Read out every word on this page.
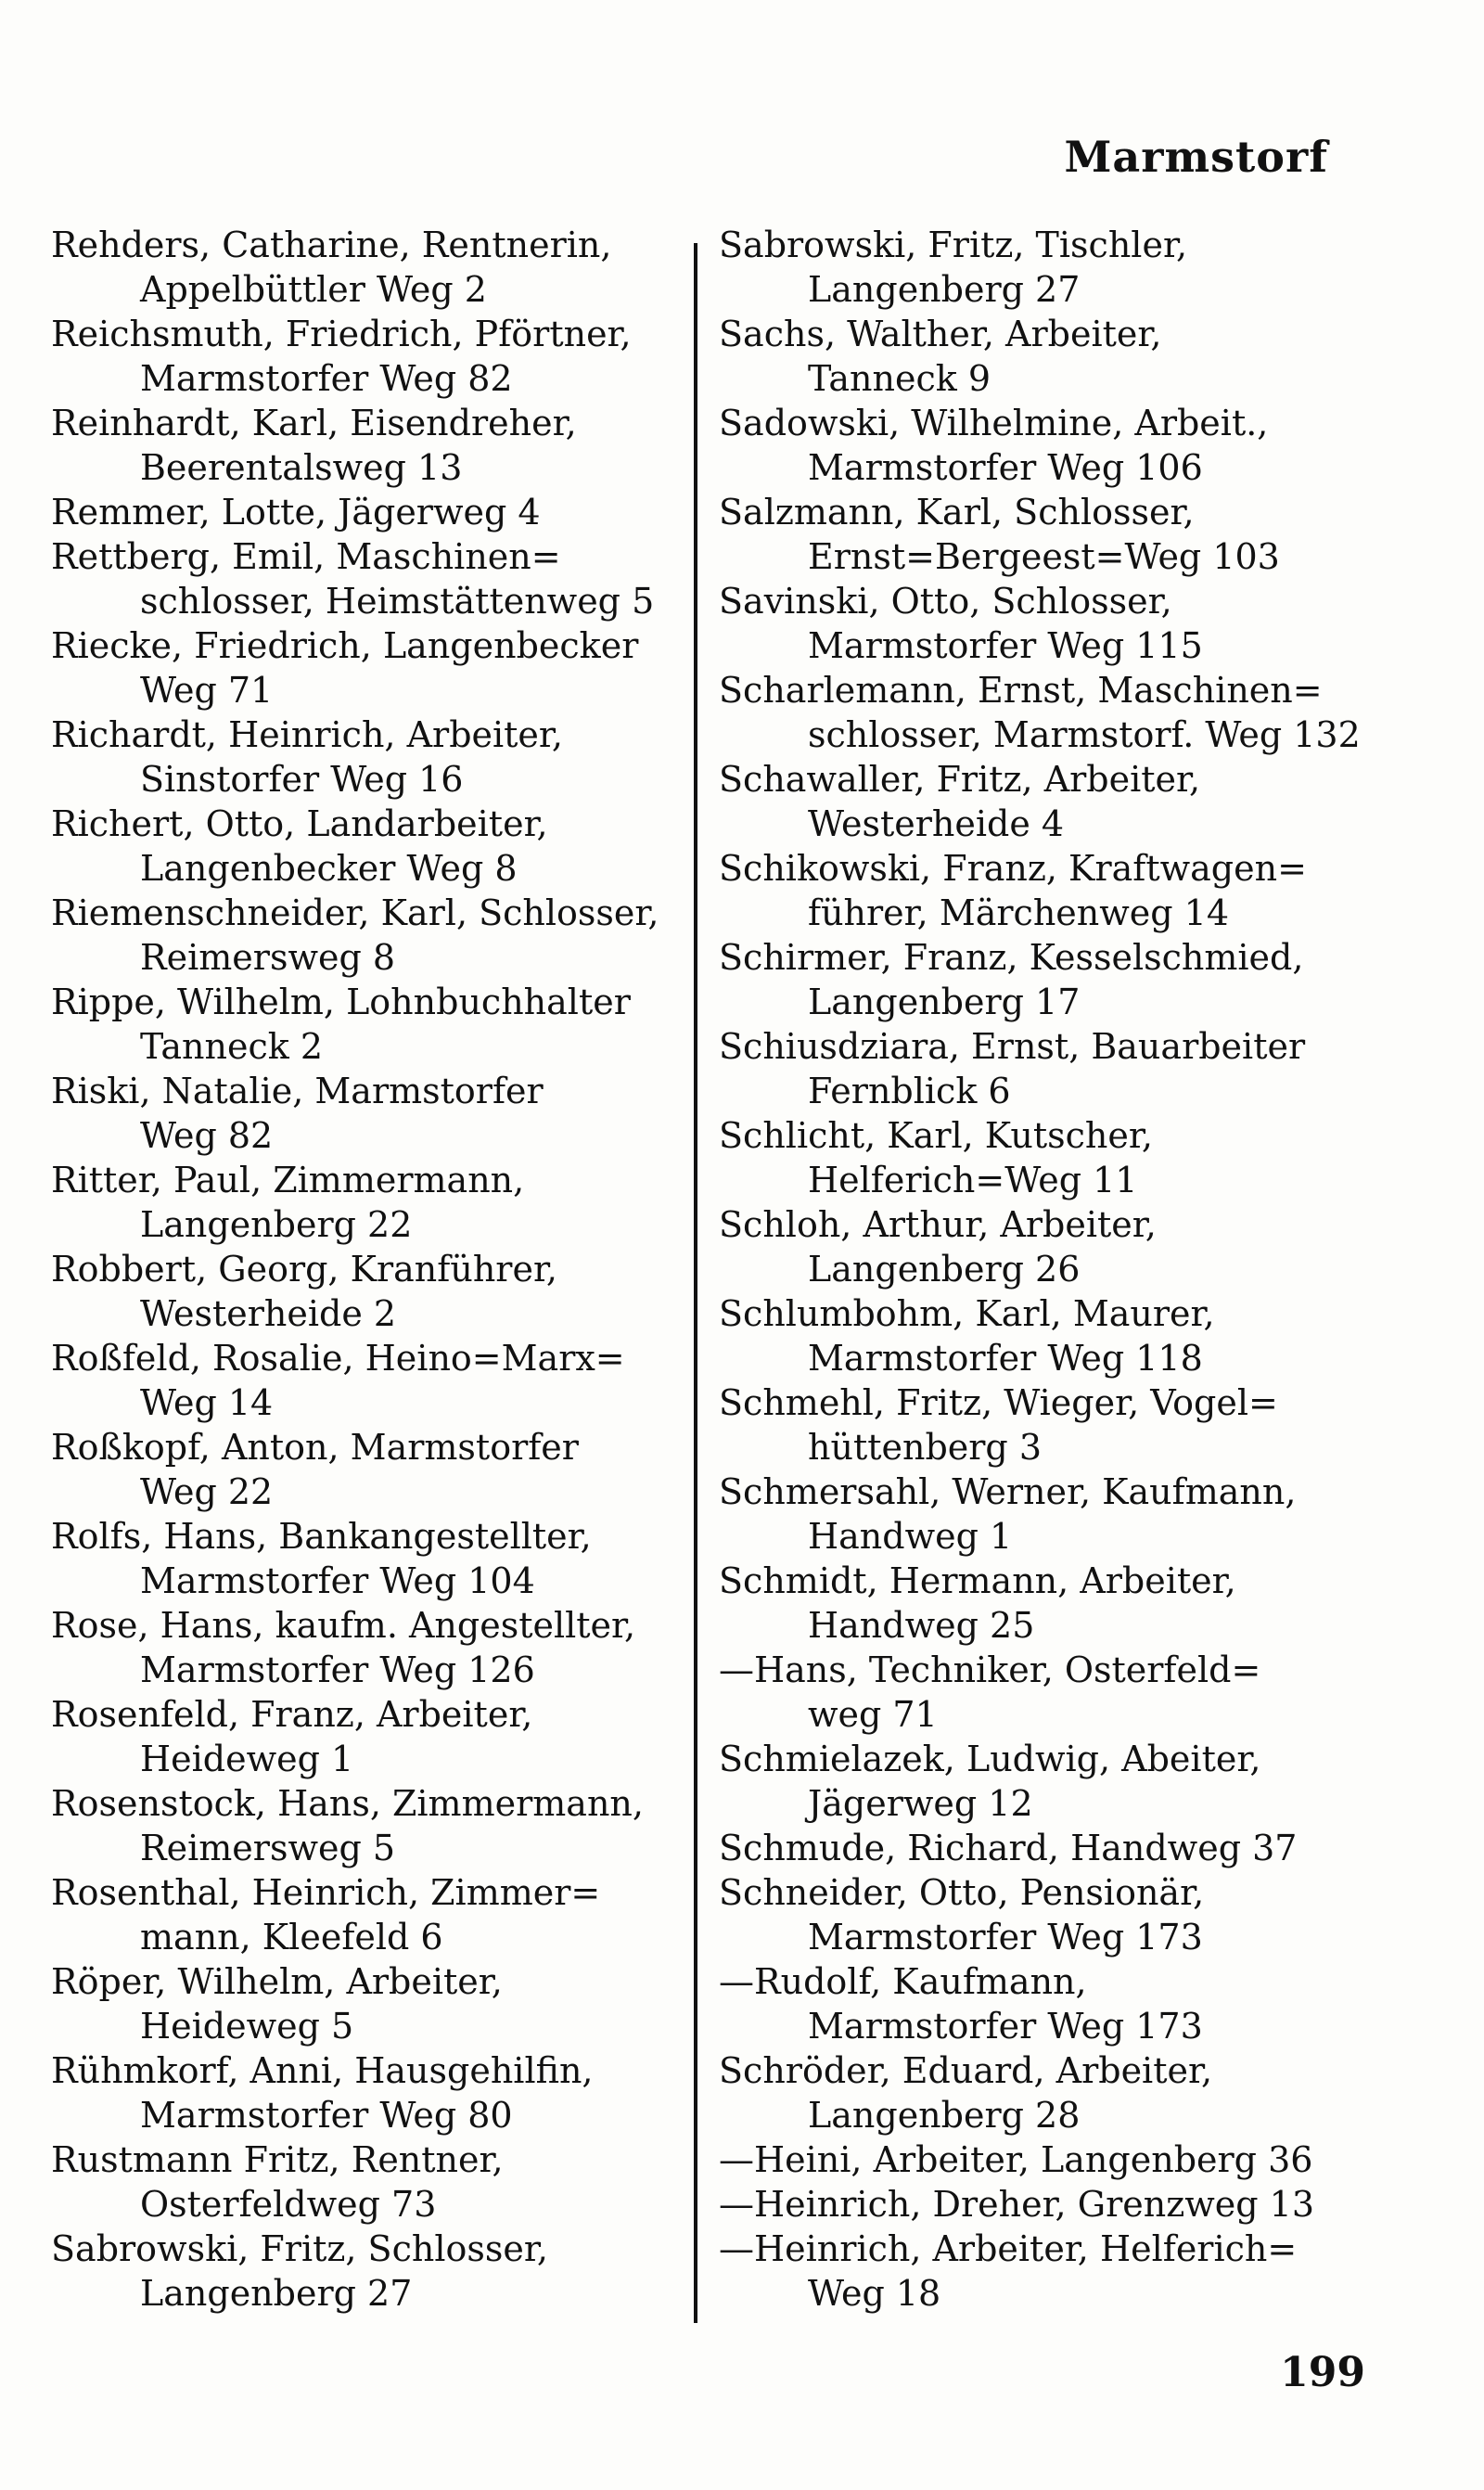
Marmstorf
Rehders, Catharine, Rentnerin,
Appelbüttler Weg 2
Reichsmuth, Friedrich, Pförtner,
Marmstorfer Weg 82
Reinhardt, Karl, Eisendreher,
Beerentalsweg 13
Remmer, Lotte, Jägerweg 4
Rettberg, Emil, Maschinen=
schlosser, Heimstättenweg 5
Riecke, Friedrich, Langenbecker
Weg 71
Richardt, Heinrich, Arbeiter,
Sinstorfer Weg 16
Richert, Otto, Landarbeiter,
Langenbecker Weg 8
Riemenschneider, Karl, Schlosser,
Reimersweg 8
Rippe, Wilhelm, Lohnbuchhalter
Tanneck 2
Riski, Natalie, Marmstorfer
Weg 82
Ritter, Paul, Zimmermann,
Langenberg 22
Robbert, Georg, Kranführer,
Westerheide 2
Roßfeld, Rosalie, Heino=Marx=
Weg 14
Roßkopf, Anton, Marmstorfer
Weg 22
Rolfs, Hans, Bankangestellter,
Marmstorfer Weg 104
Rose, Hans, kaufm. Angestellter,
Marmstorfer Weg 126
Rosenfeld, Franz, Arbeiter,
Heideweg 1
Rosenstock, Hans, Zimmermann,
Reimersweg 5
Rosenthal, Heinrich, Zimmer=
mann, Kleefeld 6
Röper, Wilhelm, Arbeiter,
Heideweg 5
Rühmkorf, Anni, Hausgehilfin,
Marmstorfer Weg 80
Rustmann Fritz, Rentner,
Osterfeldweg 73
Sabrowski, Fritz, Schlosser,
Langenberg 27
Sabrowski, Fritz, Tischler,
Langenberg 27
Sachs, Walther, Arbeiter,
Tanneck 9
Sadowski, Wilhelmine, Arbeit.,
Marmstorfer Weg 106
Salzmann, Karl, Schlosser,
Ernst=Bergeest=Weg 103
Savinski, Otto, Schlosser,
Marmstorfer Weg 115
Scharlemann, Ernst, Maschinen=
schlosser, Marmstorf. Weg 132
Schawaller, Fritz, Arbeiter,
Westerheide 4
Schikowski, Franz, Kraftwagen=
führer, Märchenweg 14
Schirmer, Franz, Kesselschmied,
Langenberg 17
Schiusdziara, Ernst, Bauarbeiter
Fernblick 6
Schlicht, Karl, Kutscher,
Helferich=Weg 11
Schloh, Arthur, Arbeiter,
Langenberg 26
Schlumbohm, Karl, Maurer,
Marmstorfer Weg 118
Schmehl, Fritz, Wieger, Vogel=
hüttenberg 3
Schmersahl, Werner, Kaufmann,
Handweg 1
Schmidt, Hermann, Arbeiter,
Handweg 25
—Hans, Techniker, Osterfeld=
weg 71
Schmielazek, Ludwig, Abeiter,
Jägerweg 12
Schmude, Richard, Handweg 37
Schneider, Otto, Pensionär,
Marmstorfer Weg 173
—Rudolf, Kaufmann,
Marmstorfer Weg 173
Schröder, Eduard, Arbeiter,
Langenberg 28
—Heini, Arbeiter, Langenberg 36
—Heinrich, Dreher, Grenzweg 13
—Heinrich, Arbeiter, Helferich=
Weg 18
199
